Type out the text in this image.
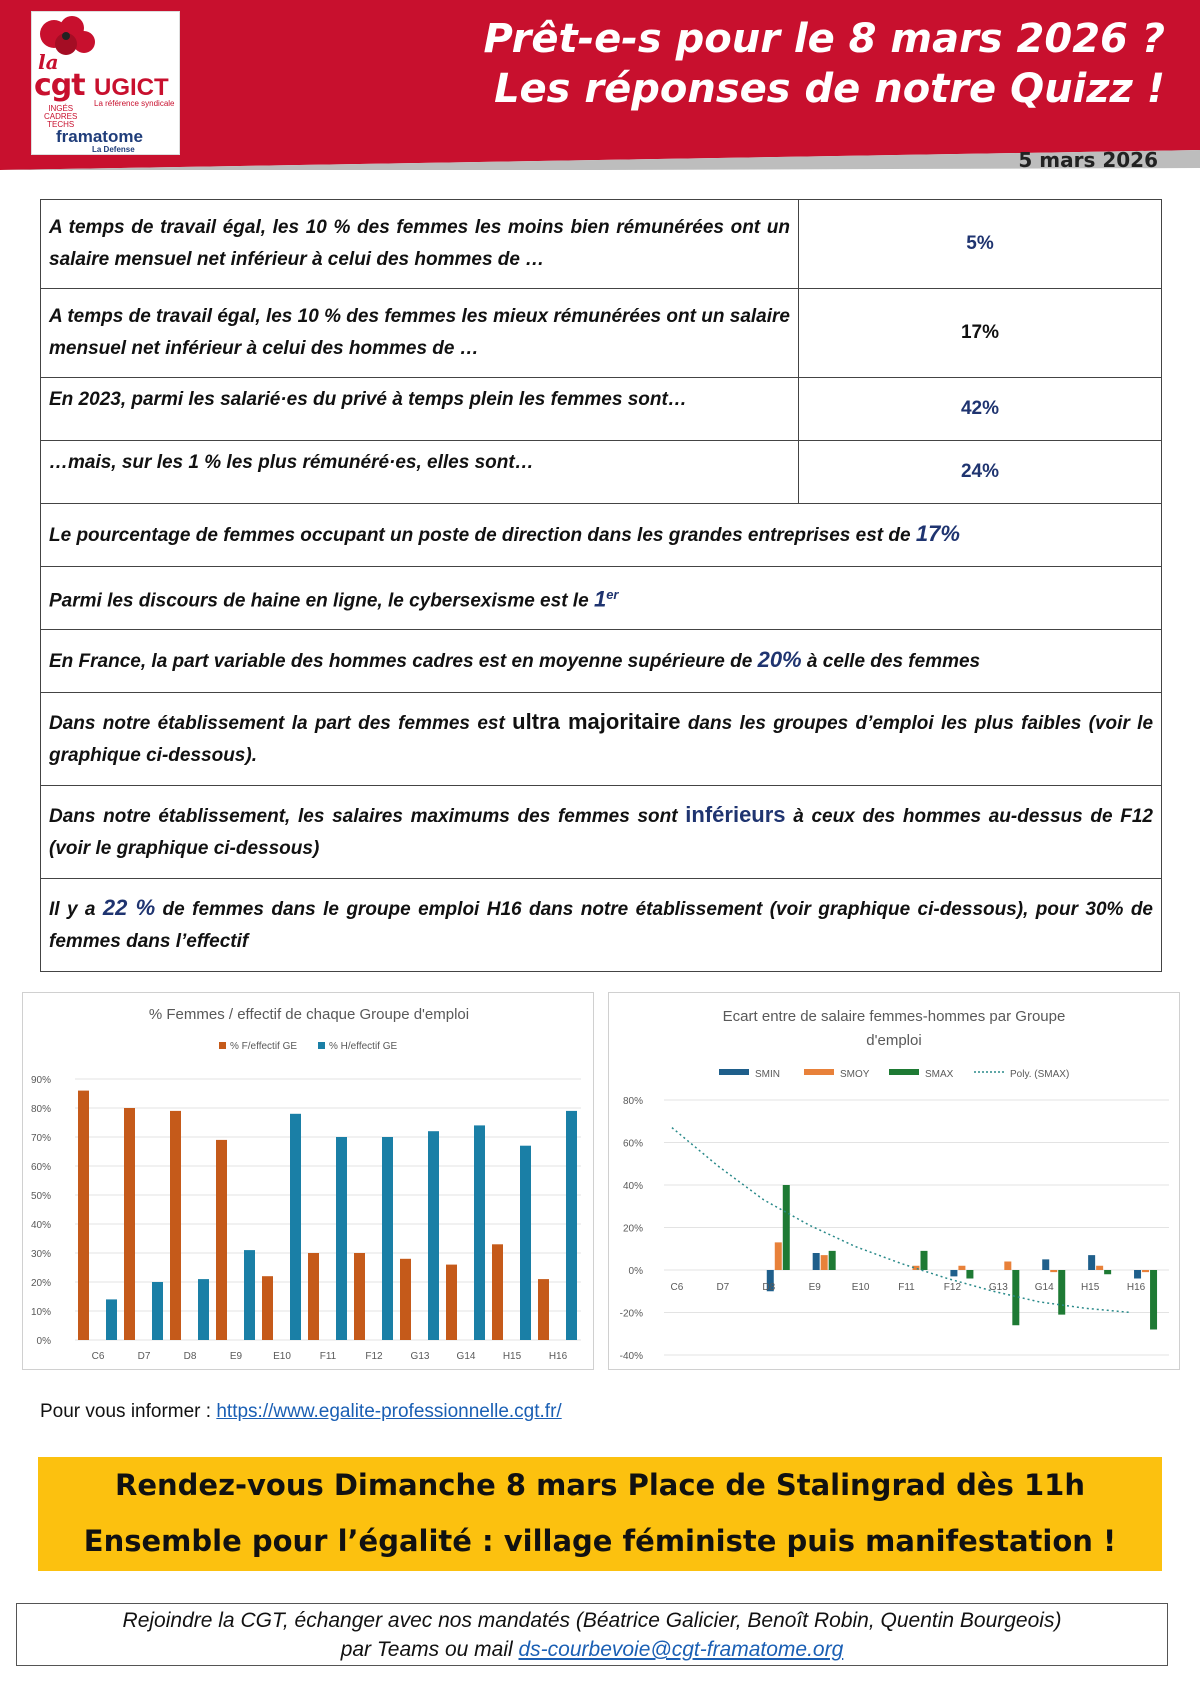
la
cgt UGICT
La référence syndicale
INGÉS
CADRES
TECHS
framatome
La Defense
Prêt-e-s pour le 8 mars 2026 ?
Les réponses de notre Quizz !
5 mars 2026
A temps de travail égal, les 10 % des femmes les moins bien rémunérées ont un salaire mensuel net inférieur à celui des hommes de …	5%
A temps de travail égal, les 10 % des femmes les mieux rémunérées ont un salaire mensuel net inférieur à celui des hommes de …	17%
En 2023, parmi les salarié·es du privé à temps plein les femmes sont…	42%
…mais, sur les 1 % les plus rémunéré·es, elles sont…	24%
Le pourcentage de femmes occupant un poste de direction dans les grandes entreprises est de 17%	
Parmi les discours de haine en ligne, le cybersexisme est le 1er
En France, la part variable des hommes cadres est en moyenne supérieure de 20% à celle des femmes	
Dans notre établissement la part des femmes est ultra majoritaire dans les groupes d’emploi les plus faibles (voir le graphique ci-dessous).	
Dans notre établissement, les salaires maximums des femmes sont inférieurs à ceux des hommes au-dessus de F12 (voir le graphique ci-dessous)	
Il y a 22 % de femmes dans le groupe emploi H16 dans notre établissement (voir graphique ci-dessous), pour 30% de femmes dans l’effectif	
% Femmes / effectif de chaque Groupe d'emploi
% F/effectif GE	% H/effectif GE
0%
10%
20%
30%
40%
50%
60%
70%
80%
90%
C6	D7	D8	E9	E10	F11	F12	G13	G14	H15	H16
Ecart entre de salaire femmes-hommes par Groupe
d'emploi
SMIN	SMOY	SMAX	Poly. (SMAX)
-40%
-20%
0%
20%
40%
60%
80%
C6	D7	D8	E9	E10	F11	F12	G13	G14	H15	H16
Pour vous informer : https://www.egalite-professionnelle.cgt.fr/
Rendez-vous Dimanche 8 mars Place de Stalingrad dès 11h
Ensemble pour l’égalité : village féministe puis manifestation !
Rejoindre la CGT, échanger avec nos mandatés (Béatrice Galicier, Benoît Robin, Quentin Bourgeois)
par Teams ou mail ds-courbevoie@cgt-framatome.org
